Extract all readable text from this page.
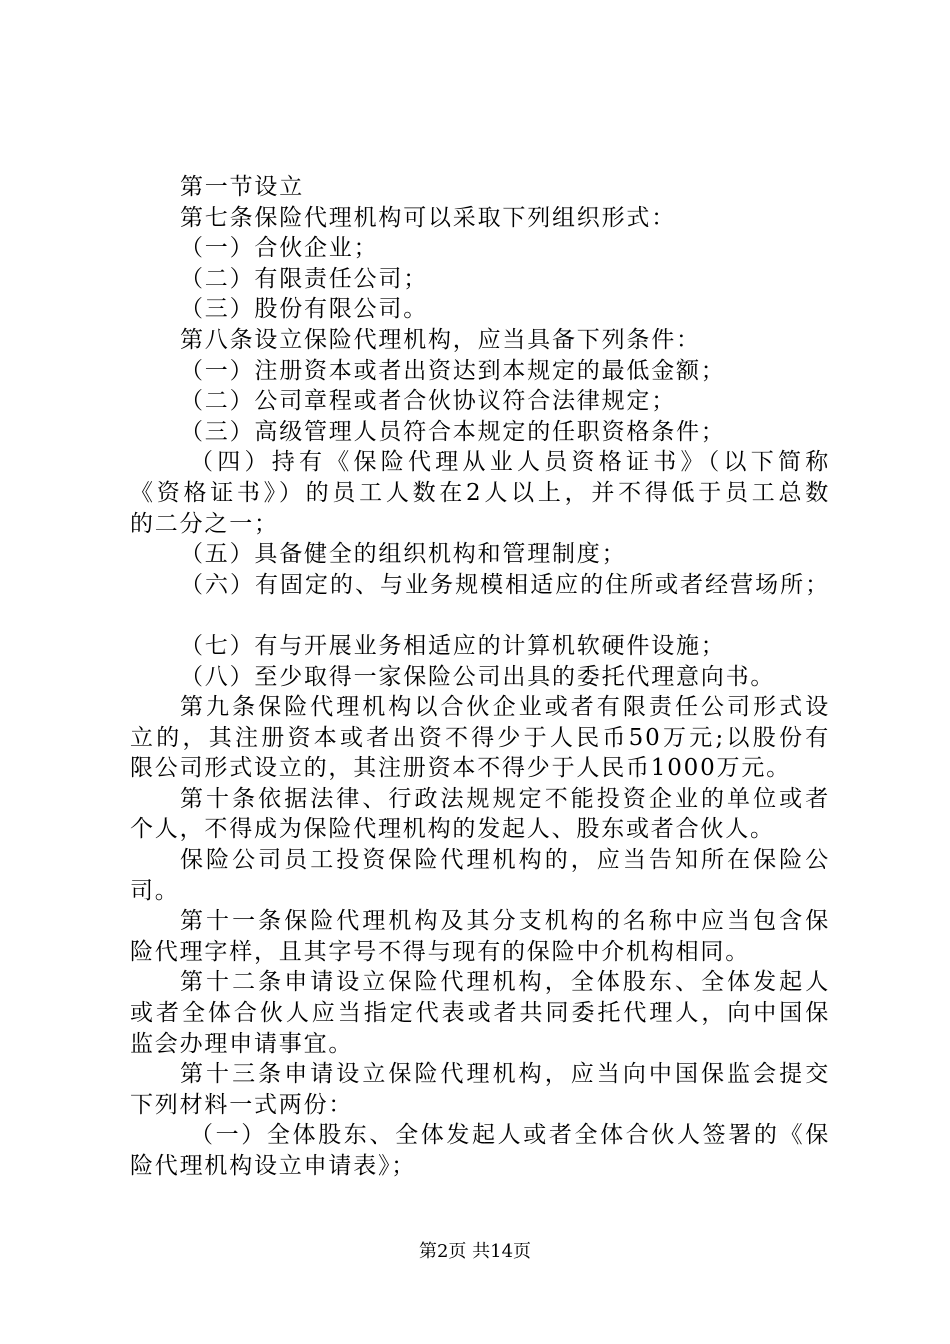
第一节设立
第七条保险代理机构可以采取下列组织形式：
（一）合伙企业；
（二）有限责任公司；
（三）股份有限公司。
第八条设立保险代理机构，应当具备下列条件：
（一）注册资本或者出资达到本规定的最低金额；
（二）公司章程或者合伙协议符合法律规定；
（三）高级管理人员符合本规定的任职资格条件；
（四）持有《保险代理从业人员资格证书》（以下简称
《资格证书》）的员工人数在2人以上，并不得低于员工总数
的二分之一；
（五）具备健全的组织机构和管理制度；
（六）有固定的、与业务规模相适应的住所或者经营场所；
（七）有与开展业务相适应的计算机软硬件设施；
（八）至少取得一家保险公司出具的委托代理意向书。
第九条保险代理机构以合伙企业或者有限责任公司形式设
立的，其注册资本或者出资不得少于人民币50万元;以股份有
限公司形式设立的，其注册资本不得少于人民币1000万元。
第十条依据法律、行政法规规定不能投资企业的单位或者
个人，不得成为保险代理机构的发起人、股东或者合伙人。
保险公司员工投资保险代理机构的，应当告知所在保险公
司。
第十一条保险代理机构及其分支机构的名称中应当包含保
险代理字样，且其字号不得与现有的保险中介机构相同。
第十二条申请设立保险代理机构，全体股东、全体发起人
或者全体合伙人应当指定代表或者共同委托代理人，向中国保
监会办理申请事宜。
第十三条申请设立保险代理机构，应当向中国保监会提交
下列材料一式两份：
（一）全体股东、全体发起人或者全体合伙人签署的《保
险代理机构设立申请表》；
第2页 共14页
